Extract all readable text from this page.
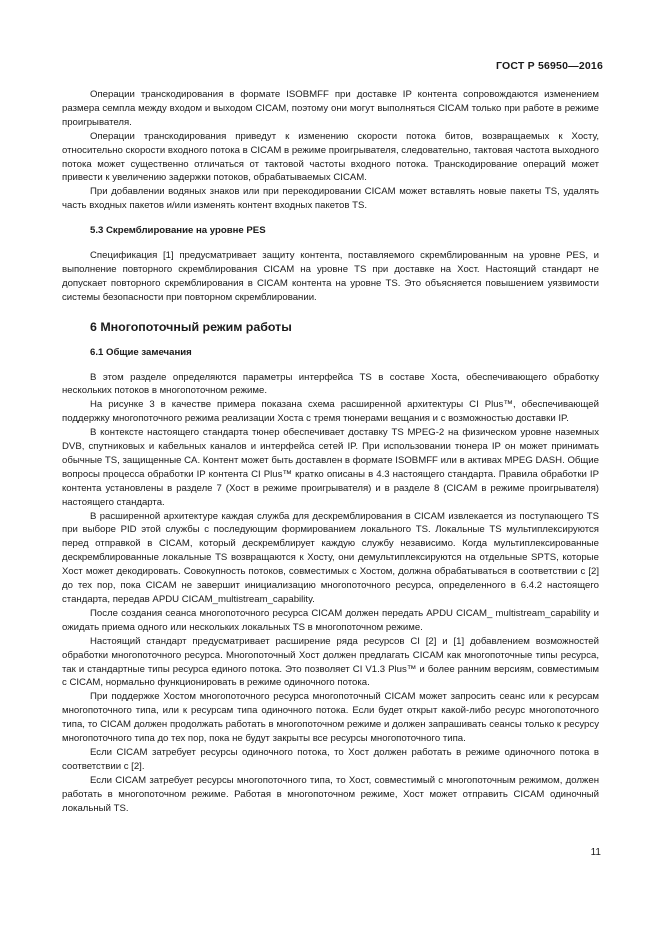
ГОСТ Р 56950—2016

Операции транскодирования в формате ISOBMFF при доставке IP контента сопровождаются изменением размера семпла между входом и выходом CICAM, поэтому они могут выполняться CICAM только при работе в режиме проигрывателя.

Операции транскодирования приведут к изменению скорости потока битов, возвращаемых к Хосту, относительно скорости входного потока в CICAM в режиме проигрывателя, следовательно, тактовая частота выходного потока может существенно отличаться от тактовой частоты входного потока. Транскодирование операций может привести к увеличению задержки потоков, обрабатываемых CICAM.

При добавлении водяных знаков или при перекодировании CICAM может вставлять новые пакеты TS, удалять часть входных пакетов и/или изменять контент входных пакетов TS.

5.3 Скремблирование на уровне PES

Спецификация [1] предусматривает защиту контента, поставляемого скремблированным на уровне PES, и выполнение повторного скремблирования CICAM на уровне TS при доставке на Хост. Настоящий стандарт не допускает повторного скремблирования в CICAM контента на уровне TS. Это объясняется повышением уязвимости системы безопасности при повторном скремблировании.

6 Многопоточный режим работы
6.1 Общие замечания

В этом разделе определяются параметры интерфейса TS в составе Хоста, обеспечивающего обработку нескольких потоков в многопоточном режиме.

На рисунке 3 в качестве примера показана схема расширенной архитектуры CI Plus™, обеспечивающей поддержку многопоточного режима реализации Хоста с тремя тюнерами вещания и с возможностью доставки IP.

В контексте настоящего стандарта тюнер обеспечивает доставку TS MPEG-2 на физическом уровне наземных DVB, спутниковых и кабельных каналов и интерфейса сетей IP. При использовании тюнера IP он может принимать обычные TS, защищенные CA. Контент может быть доставлен в формате ISOBMFF или в активах MPEG DASH. Общие вопросы процесса обработки IP контента CI Plus™ кратко описаны в 4.3 настоящего стандарта. Правила обработки IP контента установлены в разделе 7 (Хост в режиме проигрывателя) и в разделе 8 (CICAM в режиме проигрывателя) настоящего стандарта.

В расширенной архитектуре каждая служба для дескремблирования в CICAM извлекается из поступающего TS при выборе PID этой службы с последующим формированием локального TS. Локальные TS мультиплексируются перед отправкой в CICAM, который дескремблирует каждую службу независимо. Когда мультиплексированные дескремблированные локальные TS возвращаются к Хосту, они демультиплексируются на отдельные SPTS, которые Хост может декодировать. Совокупность потоков, совместимых с Хостом, должна обрабатываться в соответствии с [2] до тех пор, пока CICAM не завершит инициализацию многопоточного ресурса, определенного в 6.4.2 настоящего стандарта, передав APDU CICAM_multistream_capability.

После создания сеанса многопоточного ресурса CICAM должен передать APDU CICAM_ multistream_capability и ожидать приема одного или нескольких локальных TS в многопоточном режиме.

Настоящий стандарт предусматривает расширение ряда ресурсов CI [2] и [1] добавлением возможностей обработки многопоточного ресурса. Многопоточный Хост должен предлагать CICAM как многопоточные типы ресурса, так и стандартные типы ресурса единого потока. Это позволяет CI V1.3 Plus™ и более ранним версиям, совместимым с CICAM, нормально функционировать в режиме одиночного потока.

При поддержке Хостом многопоточного ресурса многопоточный CICAM может запросить сеанс или к ресурсам многопоточного типа, или к ресурсам типа одиночного потока. Если будет открыт какой-либо ресурс многопоточного типа, то CICAM должен продолжать работать в многопоточном режиме и должен запрашивать сеансы только к ресурсу многопоточного типа до тех пор, пока не будут закрыты все ресурсы многопоточного типа.

Если CICAM затребует ресурсы одиночного потока, то Хост должен работать в режиме одиночного потока в соответствии с [2].

Если CICAM затребует ресурсы многопоточного типа, то Хост, совместимый с многопоточным режимом, должен работать в многопоточном режиме. Работая в многопоточном режиме, Хост может отправить CICAM одиночный локальный TS.

11
